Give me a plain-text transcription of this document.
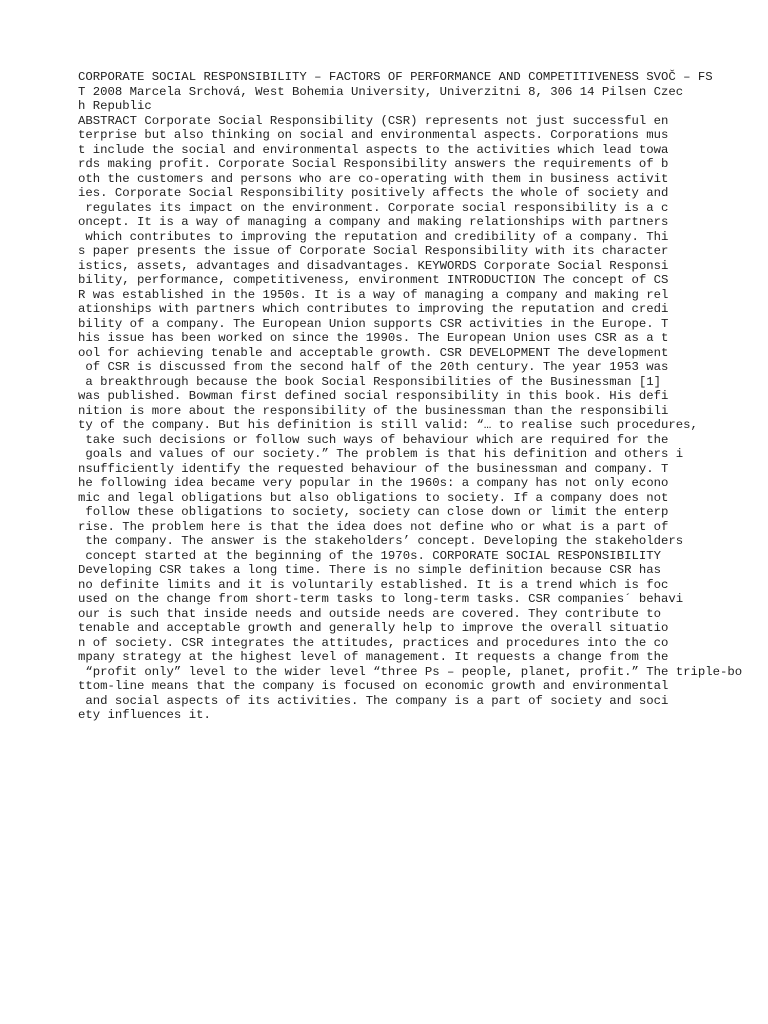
CORPORATE SOCIAL RESPONSIBILITY – FACTORS OF PERFORMANCE AND COMPETITIVENESS SVOČ – FS
T 2008 Marcela Srchová, West Bohemia University, Univerzitni 8, 306 14 Pilsen Czec
h Republic
ABSTRACT Corporate Social Responsibility (CSR) represents not just successful en
terprise but also thinking on social and environmental aspects. Corporations mus
t include the social and environmental aspects to the activities which lead towa
rds making profit. Corporate Social Responsibility answers the requirements of b
oth the customers and persons who are co-operating with them in business activit
ies. Corporate Social Responsibility positively affects the whole of society and
regulates its impact on the environment. Corporate social responsibility is a c
oncept. It is a way of managing a company and making relationships with partners
which contributes to improving the reputation and credibility of a company. Thi
s paper presents the issue of Corporate Social Responsibility with its character
istics, assets, advantages and disadvantages. KEYWORDS Corporate Social Responsi
bility, performance, competitiveness, environment INTRODUCTION The concept of CS
R was established in the 1950s. It is a way of managing a company and making rel
ationships with partners which contributes to improving the reputation and credi
bility of a company. The European Union supports CSR activities in the Europe. T
his issue has been worked on since the 1990s. The European Union uses CSR as a t
ool for achieving tenable and acceptable growth. CSR DEVELOPMENT The development
of CSR is discussed from the second half of the 20th century. The year 1953 was
a breakthrough because the book Social Responsibilities of the Businessman [1]
was published. Bowman first defined social responsibility in this book. His defi
nition is more about the responsibility of the businessman than the responsibili
ty of the company. But his definition is still valid: “… to realise such procedures,
take such decisions or follow such ways of behaviour which are required for the
goals and values of our society.” The problem is that his definition and others i
nsufficiently identify the requested behaviour of the businessman and company. T
he following idea became very popular in the 1960s: a company has not only econo
mic and legal obligations but also obligations to society. If a company does not
follow these obligations to society, society can close down or limit the enterp
rise. The problem here is that the idea does not define who or what is a part of
the company. The answer is the stakeholders’ concept. Developing the stakeholders
concept started at the beginning of the 1970s. CORPORATE SOCIAL RESPONSIBILITY
Developing CSR takes a long time. There is no simple definition because CSR has
no definite limits and it is voluntarily established. It is a trend which is foc
used on the change from short-term tasks to long-term tasks. CSR companies´ behavi
our is such that inside needs and outside needs are covered. They contribute to
tenable and acceptable growth and generally help to improve the overall situatio
n of society. CSR integrates the attitudes, practices and procedures into the co
mpany strategy at the highest level of management. It requests a change from the
“profit only” level to the wider level “three Ps – people, planet, profit.” The triple-bo
ttom-line means that the company is focused on economic growth and environmental
and social aspects of its activities. The company is a part of society and soci
ety influences it.
